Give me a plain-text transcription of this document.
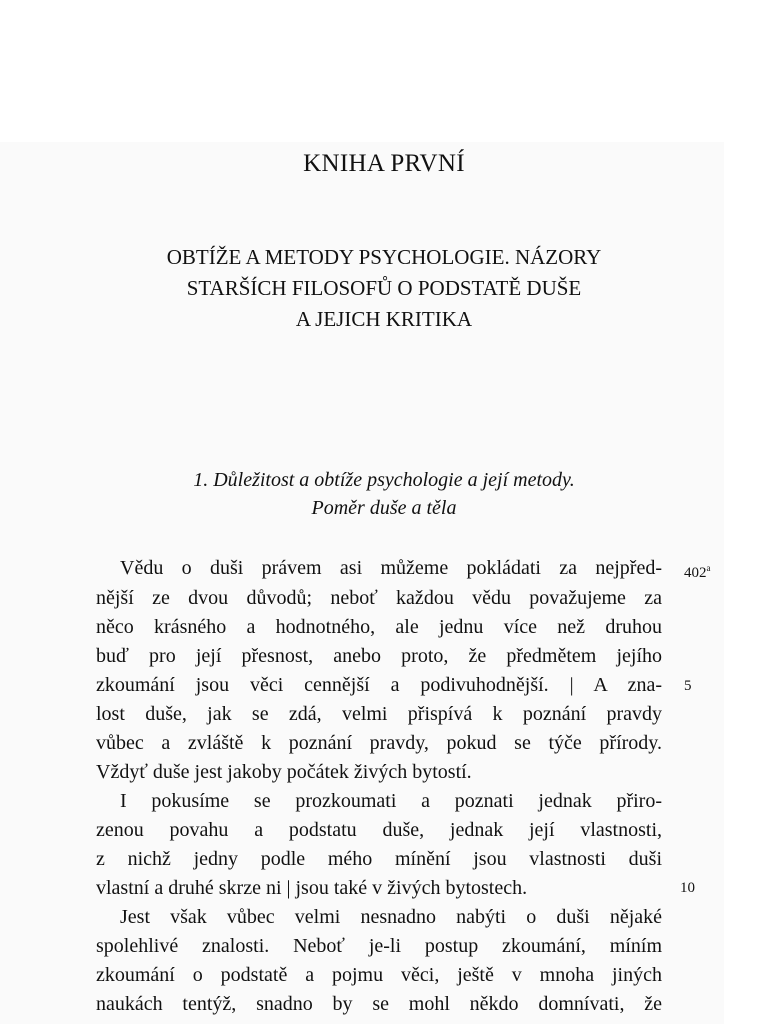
KNIHA PRVNÍ
OBTÍŽE A METODY PSYCHOLOGIE. NÁZORY
STARŠÍCH FILOSOFŮ O PODSTATĚ DUŠE
A JEJICH KRITIKA
1. Důležitost a obtíže psychologie a její metody.
Poměr duše a těla
Vědu o duši právem asi můžeme pokládati za nejpřed-
nější ze dvou důvodů; neboť každou vědu považujeme za
něco krásného a hodnotného, ale jednu více než druhou
buď pro její přesnost, anebo proto, že předmětem jejího
zkoumání jsou věci cennější a podivuhodnější. | A zna-
lost duše, jak se zdá, velmi přispívá k poznání pravdy
vůbec a zvláště k poznání pravdy, pokud se týče přírody.
Vždyť duše jest jakoby počátek živých bytostí.
I pokusíme se prozkoumati a poznati jednak přiro-
zenou povahu a podstatu duše, jednak její vlastnosti,
z nichž jedny podle mého mínění jsou vlastnosti duši
vlastní a druhé skrze ni | jsou také v živých bytostech.
Jest však vůbec velmi nesnadno nabýti o duši nějaké
spolehlivé znalosti. Neboť je-li postup zkoumání, míním
zkoumání o podstatě a pojmu věci, ještě v mnoha jiných
naukách tentýž, snadno by se mohl někdo domnívati, že
402$^a$
5
10
